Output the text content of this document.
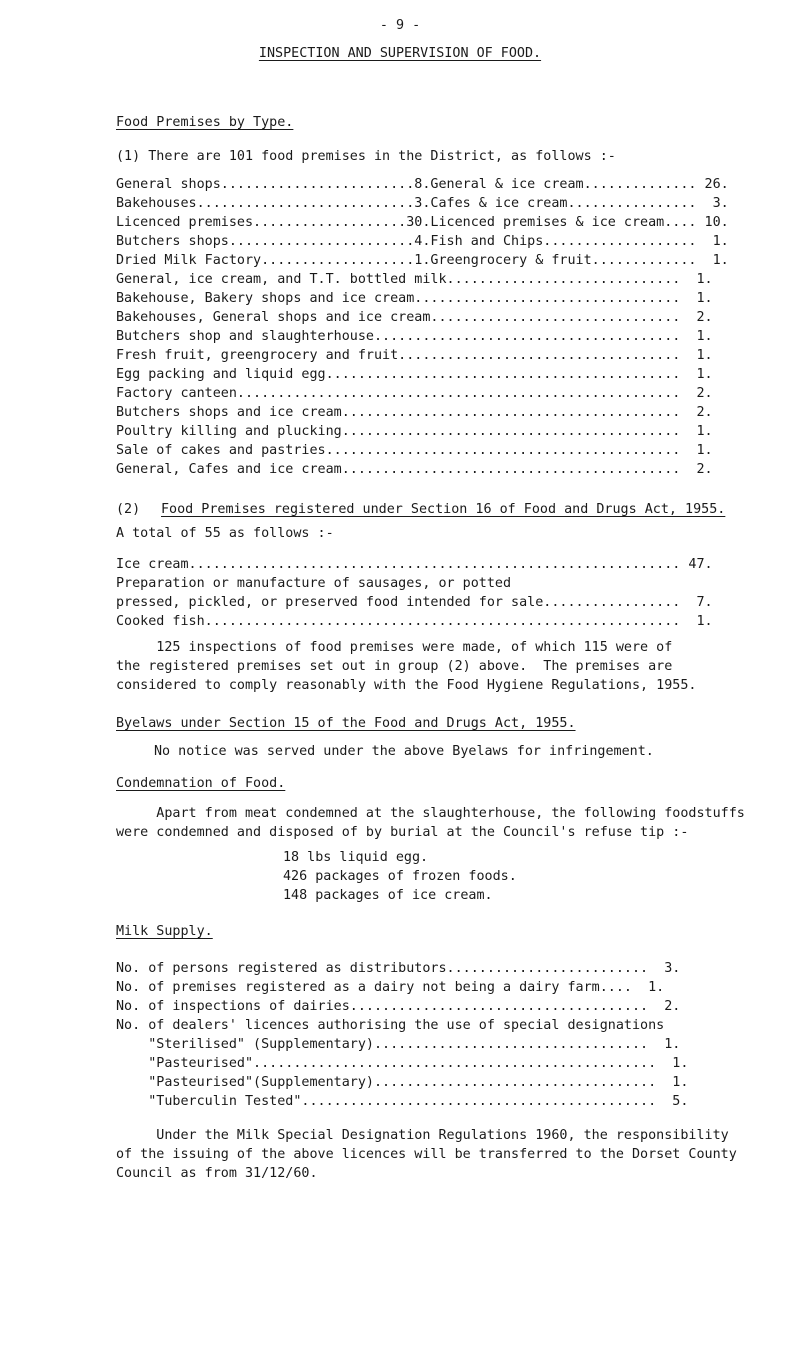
- 9 -
INSPECTION AND SUPERVISION OF FOOD.
Food Premises by Type.
(1) There are 101 food premises in the District, as follows :-
General shops........................8.General & ice cream.............. 26.
Bakehouses...........................3.Cafes & ice cream................  3.
Licenced premises...................30.Licenced premises & ice cream.... 10.
Butchers shops.......................4.Fish and Chips...................  1.
Dried Milk Factory...................1.Greengrocery & fruit.............  1.
General, ice cream, and T.T. bottled milk.............................  1.
Bakehouse, Bakery shops and ice cream.................................  1.
Bakehouses, General shops and ice cream...............................  2.
Butchers shop and slaughterhouse......................................  1.
Fresh fruit, greengrocery and fruit...................................  1.
Egg packing and liquid egg............................................  1.
Factory canteen.......................................................  2.
Butchers shops and ice cream..........................................  2.
Poultry killing and plucking..........................................  1.
Sale of cakes and pastries............................................  1.
General, Cafes and ice cream..........................................  2.
(2) Food Premises registered under Section 16 of Food and Drugs Act, 1955.
A total of 55 as follows :-
Ice cream............................................................. 47.
Preparation or manufacture of sausages, or potted
pressed, pickled, or preserved food intended for sale.................  7.
Cooked fish...........................................................  1.
125 inspections of food premises were made, of which 115 were of
the registered premises set out in group (2) above.  The premises are
considered to comply reasonably with the Food Hygiene Regulations, 1955.
Byelaws under Section 15 of the Food and Drugs Act, 1955.
No notice was served under the above Byelaws for infringement.
Condemnation of Food.
Apart from meat condemned at the slaughterhouse, the following foodstuffs
were condemned and disposed of by burial at the Council's refuse tip :-
18 lbs liquid egg.
426 packages of frozen foods.
148 packages of ice cream.
Milk Supply.
No. of persons registered as distributors.........................  3.
No. of premises registered as a dairy not being a dairy farm....  1.
No. of inspections of dairies.....................................  2.
No. of dealers' licences authorising the use of special designations
"Sterilised" (Supplementary)..................................  1.
"Pasteurised"..................................................  1.
"Pasteurised"(Supplementary)...................................  1.
"Tuberculin Tested"............................................  5.
Under the Milk Special Designation Regulations 1960, the responsibility
of the issuing of the above licences will be transferred to the Dorset County
Council as from 31/12/60.
